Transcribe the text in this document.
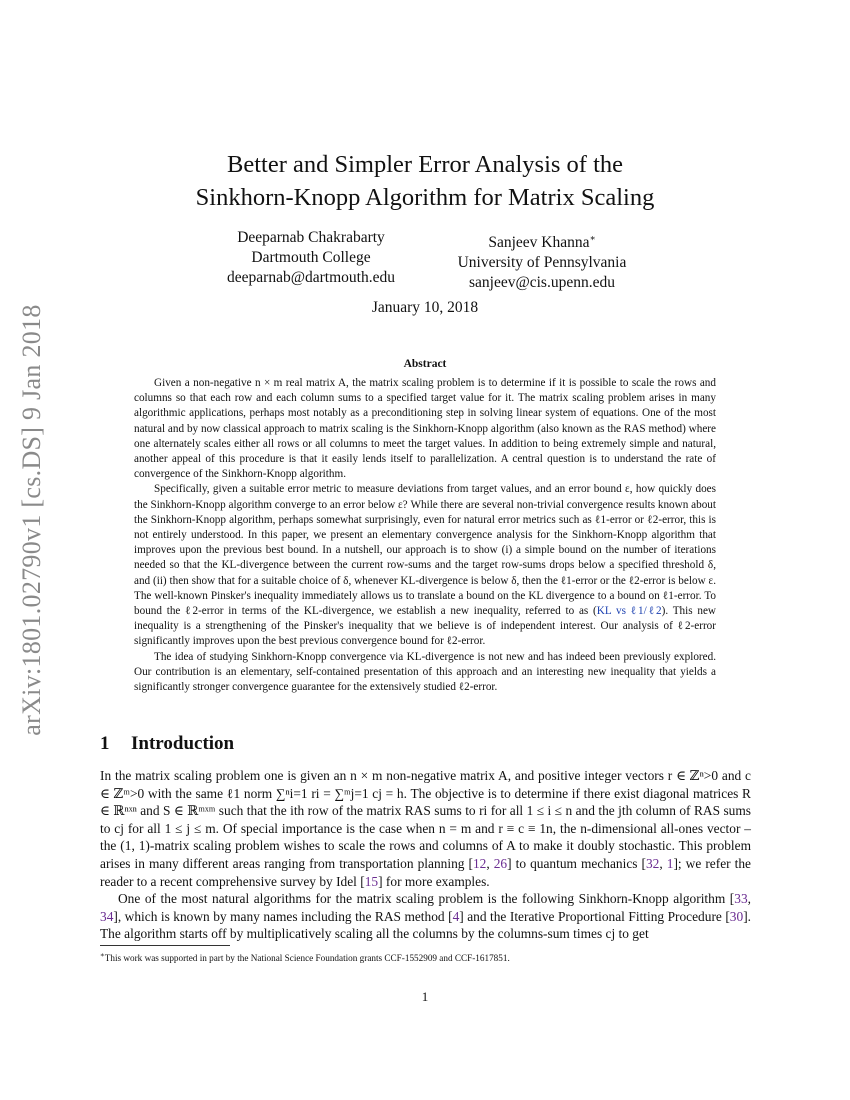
arXiv:1801.02790v1 [cs.DS] 9 Jan 2018
Better and Simpler Error Analysis of the
Sinkhorn-Knopp Algorithm for Matrix Scaling
Deeparnab Chakrabarty
Dartmouth College
deeparnab@dartmouth.edu
Sanjeev Khanna∗
University of Pennsylvania
sanjeev@cis.upenn.edu
January 10, 2018
Abstract

Given a non-negative n × m real matrix A, the matrix scaling problem is to determine if it is possible to scale the rows and columns so that each row and each column sums to a specified target value for it. The matrix scaling problem arises in many algorithmic applications, perhaps most notably as a preconditioning step in solving linear system of equations. One of the most natural and by now classical approach to matrix scaling is the Sinkhorn-Knopp algorithm (also known as the RAS method) where one alternately scales either all rows or all columns to meet the target values. In addition to being extremely simple and natural, another appeal of this procedure is that it easily lends itself to parallelization. A central question is to understand the rate of convergence of the Sinkhorn-Knopp algorithm.

Specifically, given a suitable error metric to measure deviations from target values, and an error bound ε, how quickly does the Sinkhorn-Knopp algorithm converge to an error below ε? While there are several non-trivial convergence results known about the Sinkhorn-Knopp algorithm, perhaps somewhat surprisingly, even for natural error metrics such as ℓ1-error or ℓ2-error, this is not entirely understood. In this paper, we present an elementary convergence analysis for the Sinkhorn-Knopp algorithm that improves upon the previous best bound. In a nutshell, our approach is to show (i) a simple bound on the number of iterations needed so that the KL-divergence between the current row-sums and the target row-sums drops below a specified threshold δ, and (ii) then show that for a suitable choice of δ, whenever KL-divergence is below δ, then the ℓ1-error or the ℓ2-error is below ε. The well-known Pinsker's inequality immediately allows us to translate a bound on the KL divergence to a bound on ℓ1-error. To bound the ℓ2-error in terms of the KL-divergence, we establish a new inequality, referred to as (KL vs ℓ1/ℓ2). This new inequality is a strengthening of the Pinsker's inequality that we believe is of independent interest. Our analysis of ℓ2-error significantly improves upon the best previous convergence bound for ℓ2-error.

The idea of studying Sinkhorn-Knopp convergence via KL-divergence is not new and has indeed been previously explored. Our contribution is an elementary, self-contained presentation of this approach and an interesting new inequality that yields a significantly stronger convergence guarantee for the extensively studied ℓ2-error.

1 Introduction

In the matrix scaling problem one is given an n × m non-negative matrix A, and positive integer vectors r ∈ ℤⁿ>0 and c ∈ ℤᵐ>0 with the same ℓ1 norm ∑ⁿi=1 ri = ∑ᵐj=1 cj = h. The objective is to determine if there exist diagonal matrices R ∈ ℝⁿˣⁿ and S ∈ ℝᵐˣᵐ such that the ith row of the matrix RAS sums to ri for all 1 ≤ i ≤ n and the jth column of RAS sums to cj for all 1 ≤ j ≤ m. Of special importance is the case when n = m and r ≡ c ≡ 1n, the n-dimensional all-ones vector – the (1, 1)-matrix scaling problem wishes to scale the rows and columns of A to make it doubly stochastic. This problem arises in many different areas ranging from transportation planning [12, 26] to quantum mechanics [32, 1]; we refer the reader to a recent comprehensive survey by Idel [15] for more examples.

One of the most natural algorithms for the matrix scaling problem is the following Sinkhorn-Knopp algorithm [33, 34], which is known by many names including the RAS method [4] and the Iterative Proportional Fitting Procedure [30]. The algorithm starts off by multiplicatively scaling all the columns by the columns-sum times cj to get

∗This work was supported in part by the National Science Foundation grants CCF-1552909 and CCF-1617851.
1
